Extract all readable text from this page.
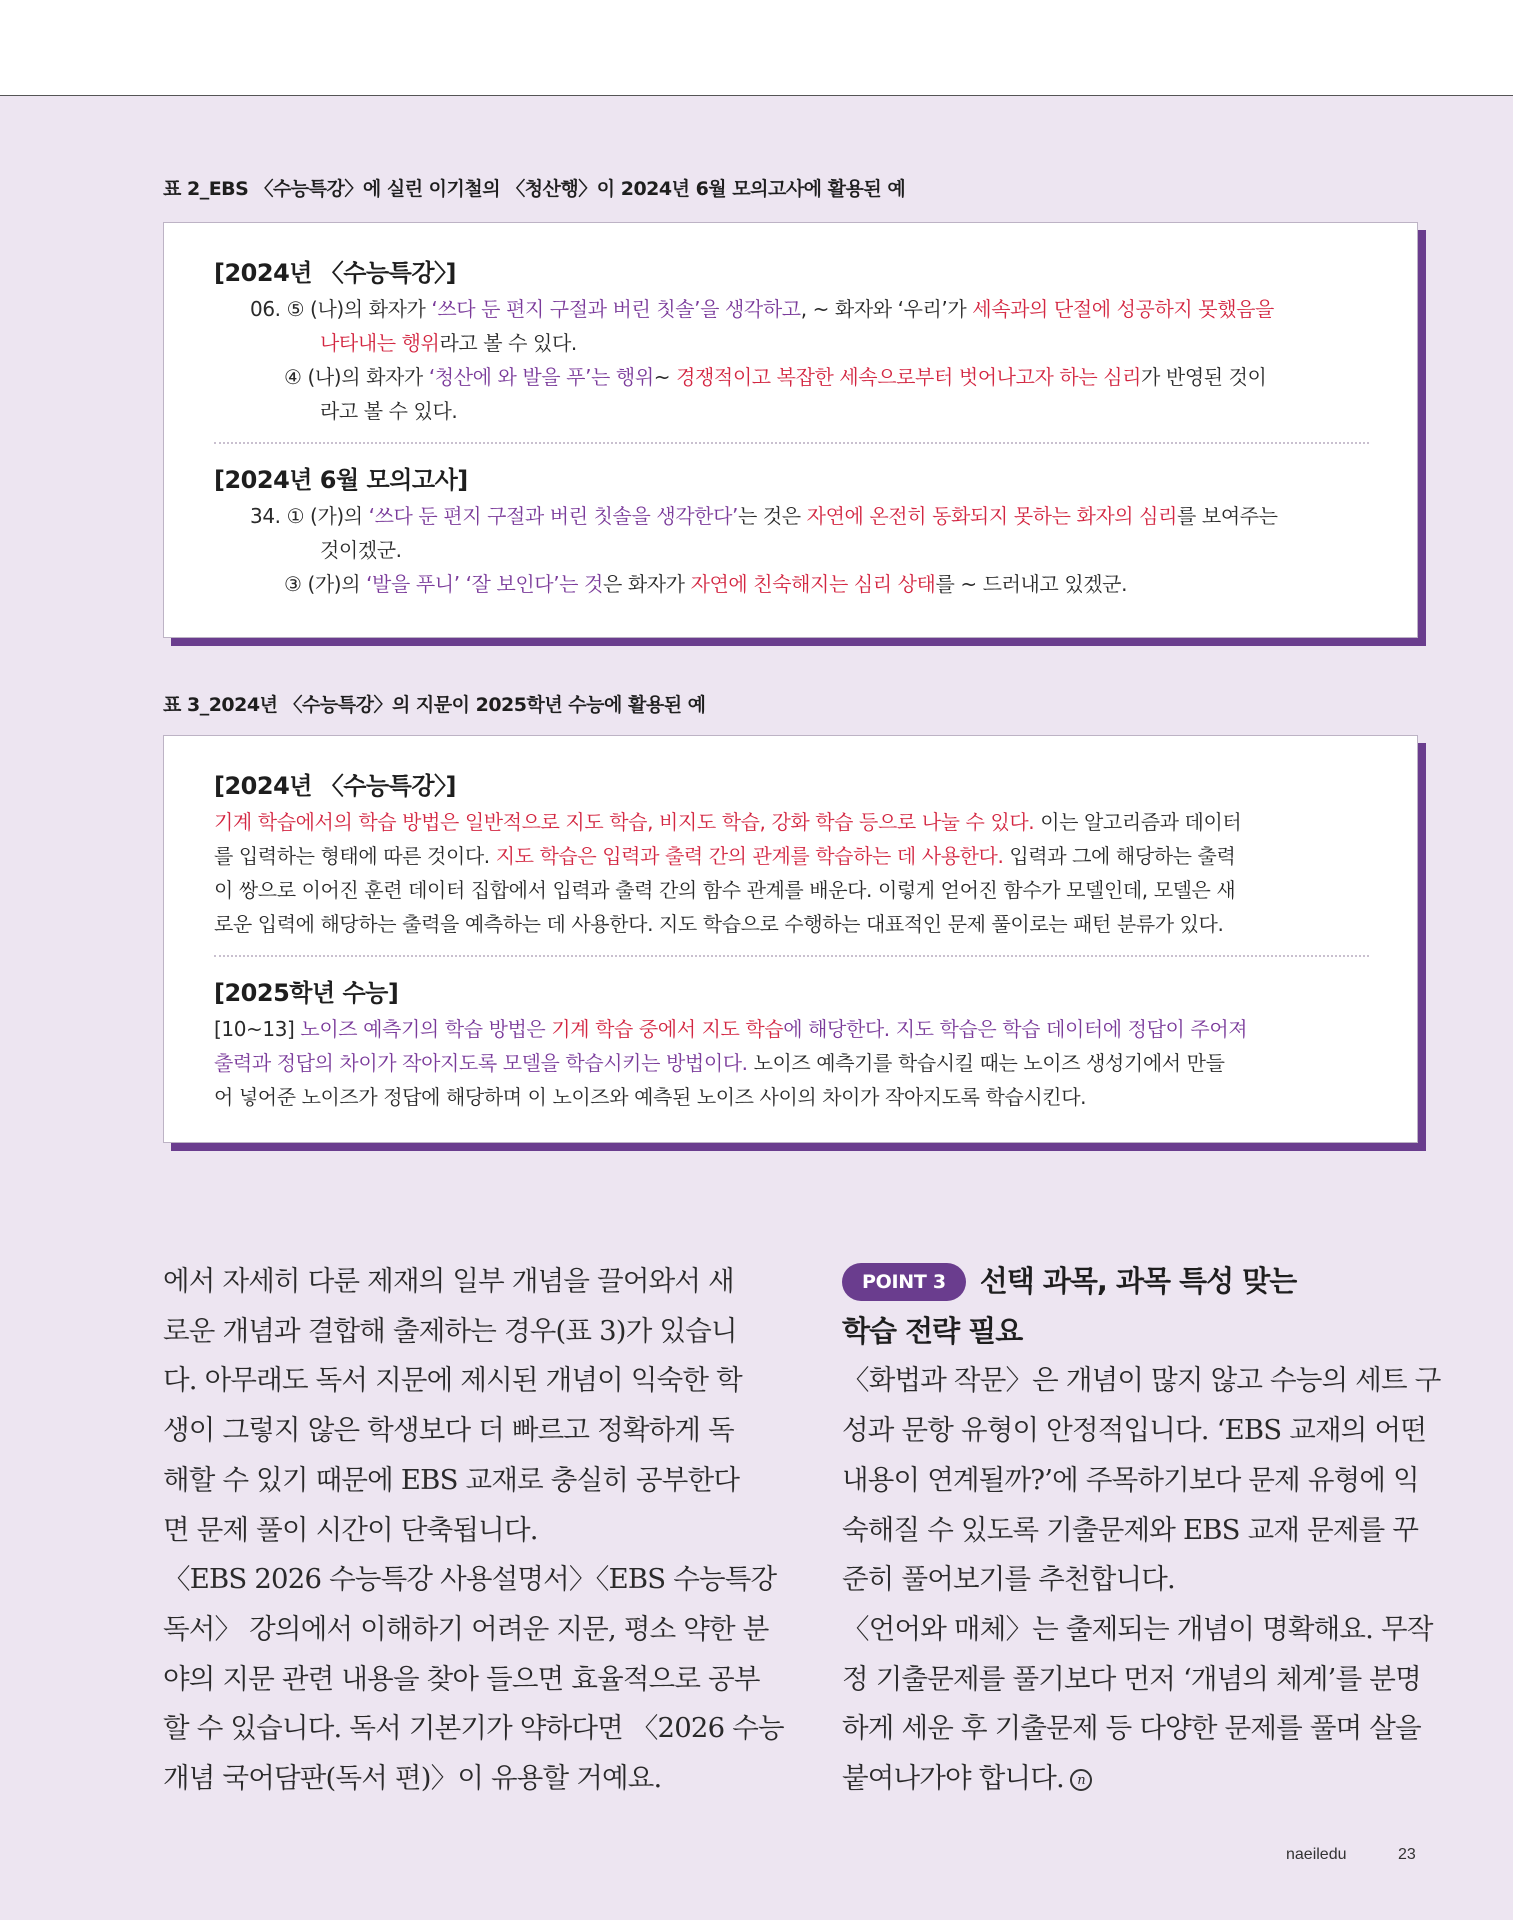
표 2_EBS 〈수능특강〉에 실린 이기철의 〈청산행〉이 2024년 6월 모의고사에 활용된 예
[2024년 〈수능특강〉]
06. ⑤ (나)의 화자가 ‘쓰다 둔 편지 구절과 버린 칫솔’을 생각하고, ~ 화자와 ‘우리’가 세속과의 단절에 성공하지 못했음을
나타내는 행위라고 볼 수 있다.
④ (나)의 화자가 ‘청산에 와 발을 푸’는 행위~ 경쟁적이고 복잡한 세속으로부터 벗어나고자 하는 심리가 반영된 것이
라고 볼 수 있다.
[2024년 6월 모의고사]
34. ① (가)의 ‘쓰다 둔 편지 구절과 버린 칫솔을 생각한다’는 것은 자연에 온전히 동화되지 못하는 화자의 심리를 보여주는
것이겠군.
③ (가)의 ‘발을 푸니’ ‘잘 보인다’는 것은 화자가 자연에 친숙해지는 심리 상태를 ~ 드러내고 있겠군.
표 3_2024년 〈수능특강〉의 지문이 2025학년 수능에 활용된 예
[2024년 〈수능특강〉]
기계 학습에서의 학습 방법은 일반적으로 지도 학습, 비지도 학습, 강화 학습 등으로 나눌 수 있다. 이는 알고리즘과 데이터
를 입력하는 형태에 따른 것이다. 지도 학습은 입력과 출력 간의 관계를 학습하는 데 사용한다. 입력과 그에 해당하는 출력
이 쌍으로 이어진 훈련 데이터 집합에서 입력과 출력 간의 함수 관계를 배운다. 이렇게 얻어진 함수가 모델인데, 모델은 새
로운 입력에 해당하는 출력을 예측하는 데 사용한다. 지도 학습으로 수행하는 대표적인 문제 풀이로는 패턴 분류가 있다.
[2025학년 수능]
[10~13] 노이즈 예측기의 학습 방법은 기계 학습 중에서 지도 학습에 해당한다. 지도 학습은 학습 데이터에 정답이 주어져
출력과 정답의 차이가 작아지도록 모델을 학습시키는 방법이다. 노이즈 예측기를 학습시킬 때는 노이즈 생성기에서 만들
어 넣어준 노이즈가 정답에 해당하며 이 노이즈와 예측된 노이즈 사이의 차이가 작아지도록 학습시킨다.

에서 자세히 다룬 제재의 일부 개념을 끌어와서 새

로운 개념과 결합해 출제하는 경우(표 3)가 있습니

다. 아무래도 독서 지문에 제시된 개념이 익숙한 학

생이 그렇지 않은 학생보다 더 빠르고 정확하게 독

해할 수 있기 때문에 EBS 교재로 충실히 공부한다

면 문제 풀이 시간이 단축됩니다.

〈EBS 2026 수능특강 사용설명서〉〈EBS 수능특강

독서〉 강의에서 이해하기 어려운 지문, 평소 약한 분

야의 지문 관련 내용을 찾아 들으면 효율적으로 공부

할 수 있습니다. 독서 기본기가 약하다면 〈2026 수능

개념 국어담판(독서 편)〉이 유용할 거예요.

POINT 3	선택 과목, 과목 특성 맞는

학습 전략 필요

〈화법과 작문〉은 개념이 많지 않고 수능의 세트 구

성과 문항 유형이 안정적입니다. ‘EBS 교재의 어떤

내용이 연계될까?’에 주목하기보다 문제 유형에 익

숙해질 수 있도록 기출문제와 EBS 교재 문제를 꾸

준히 풀어보기를 추천합니다.

〈언어와 매체〉는 출제되는 개념이 명확해요. 무작

정 기출문제를 풀기보다 먼저 ‘개념의 체계’를 분명

하게 세운 후 기출문제 등 다양한 문제를 풀며 살을

붙여나가야 합니다. n

naeiledu	23
